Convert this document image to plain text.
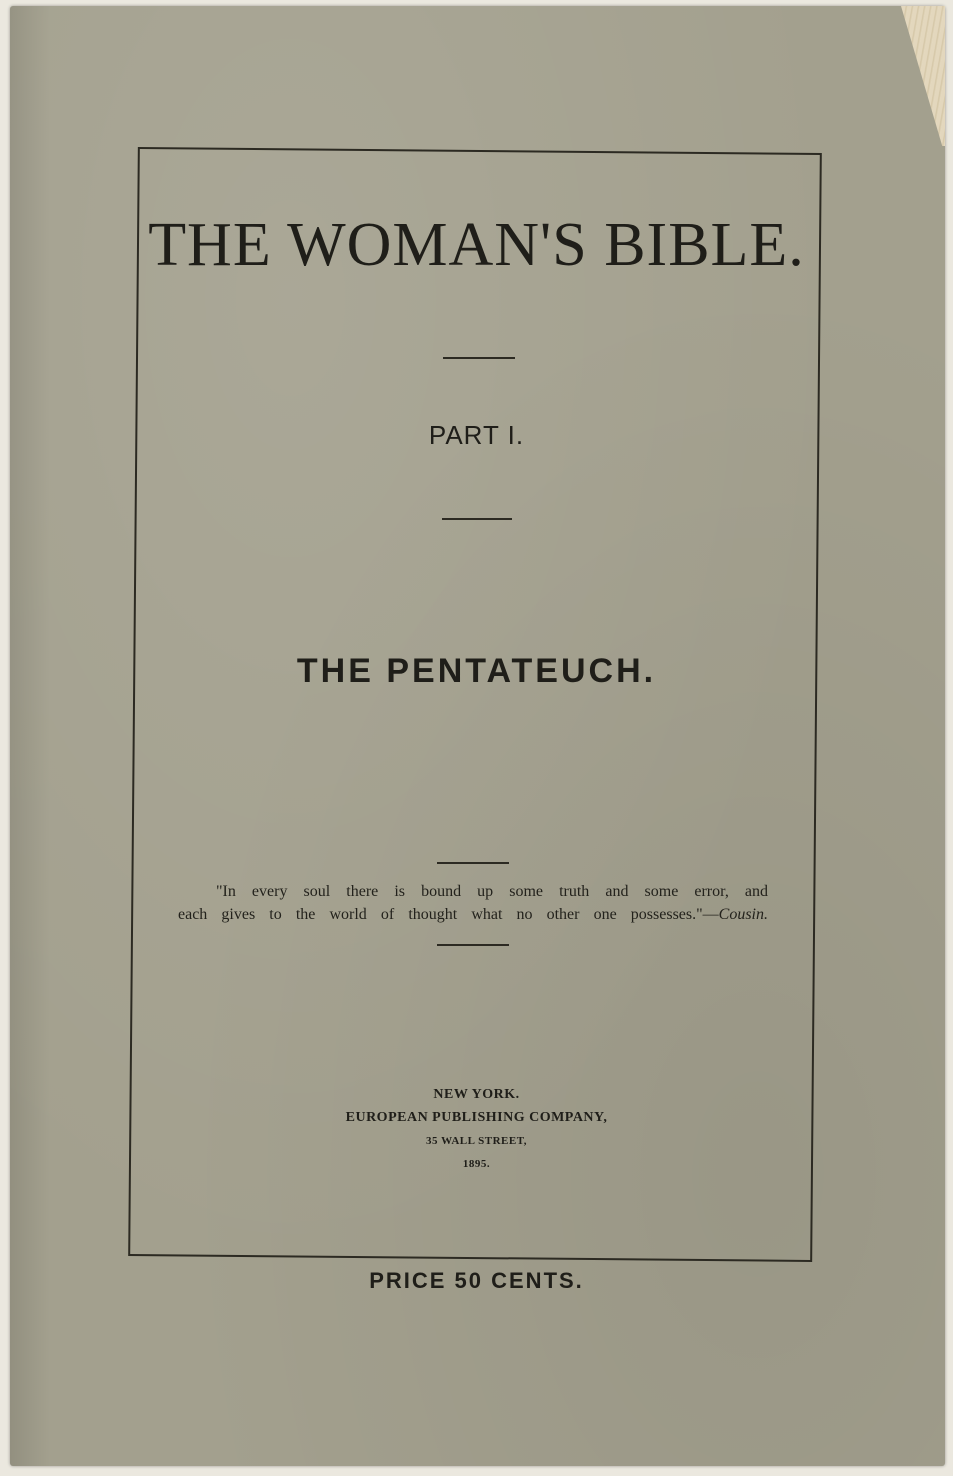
THE WOMAN'S BIBLE.
PART I.
THE PENTATEUCH.
"In every soul there is bound up some truth and some error, and
each gives to the world of thought what no other one possesses."—Cousin.
NEW YORK.
EUROPEAN PUBLISHING COMPANY,
35 WALL STREET,
1895.
PRICE 50 CENTS.
